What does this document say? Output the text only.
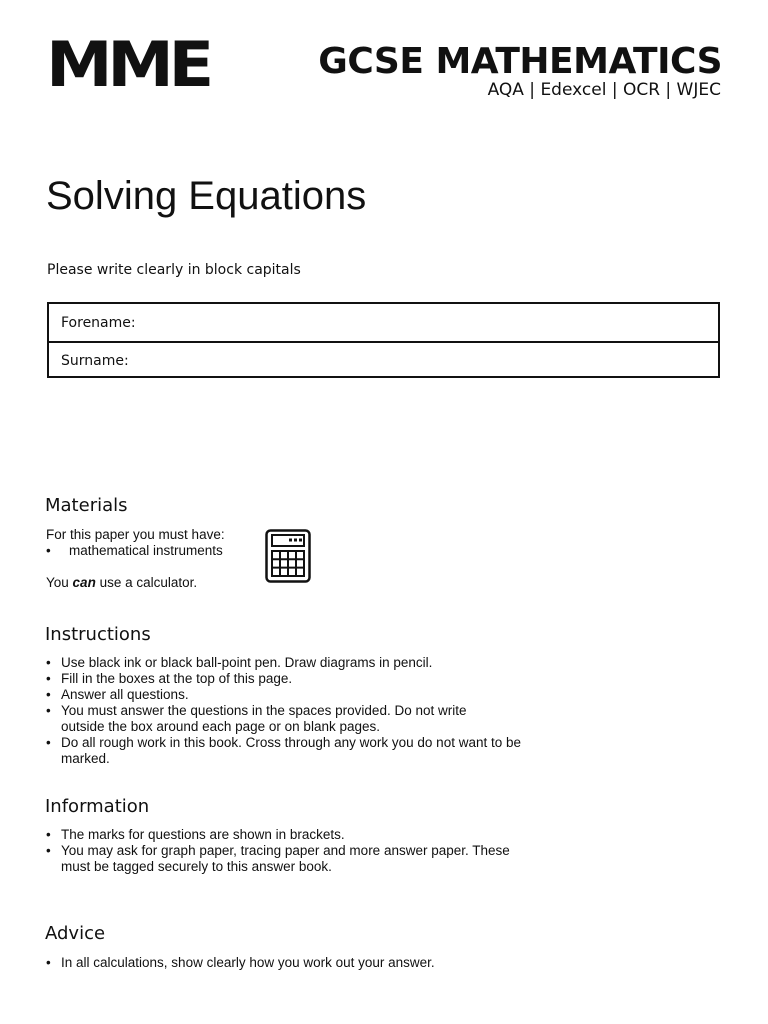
MME	GCSE MATHEMATICS
AQA | Edexcel | OCR | WJEC
Solving Equations
Please write clearly in block capitals
Forename:
Surname:
Materials
For this paper you must have:
• mathematical instruments
You can use a calculator.
Instructions
• Use black ink or black ball-point pen. Draw diagrams in pencil.
• Fill in the boxes at the top of this page.
• Answer all questions.
• You must answer the questions in the spaces provided. Do not write outside the box around each page or on blank pages.
• Do all rough work in this book. Cross through any work you do not want to be marked.
Information
• The marks for questions are shown in brackets.
• You may ask for graph paper, tracing paper and more answer paper. These must be tagged securely to this answer book.
Advice
• In all calculations, show clearly how you work out your answer.
